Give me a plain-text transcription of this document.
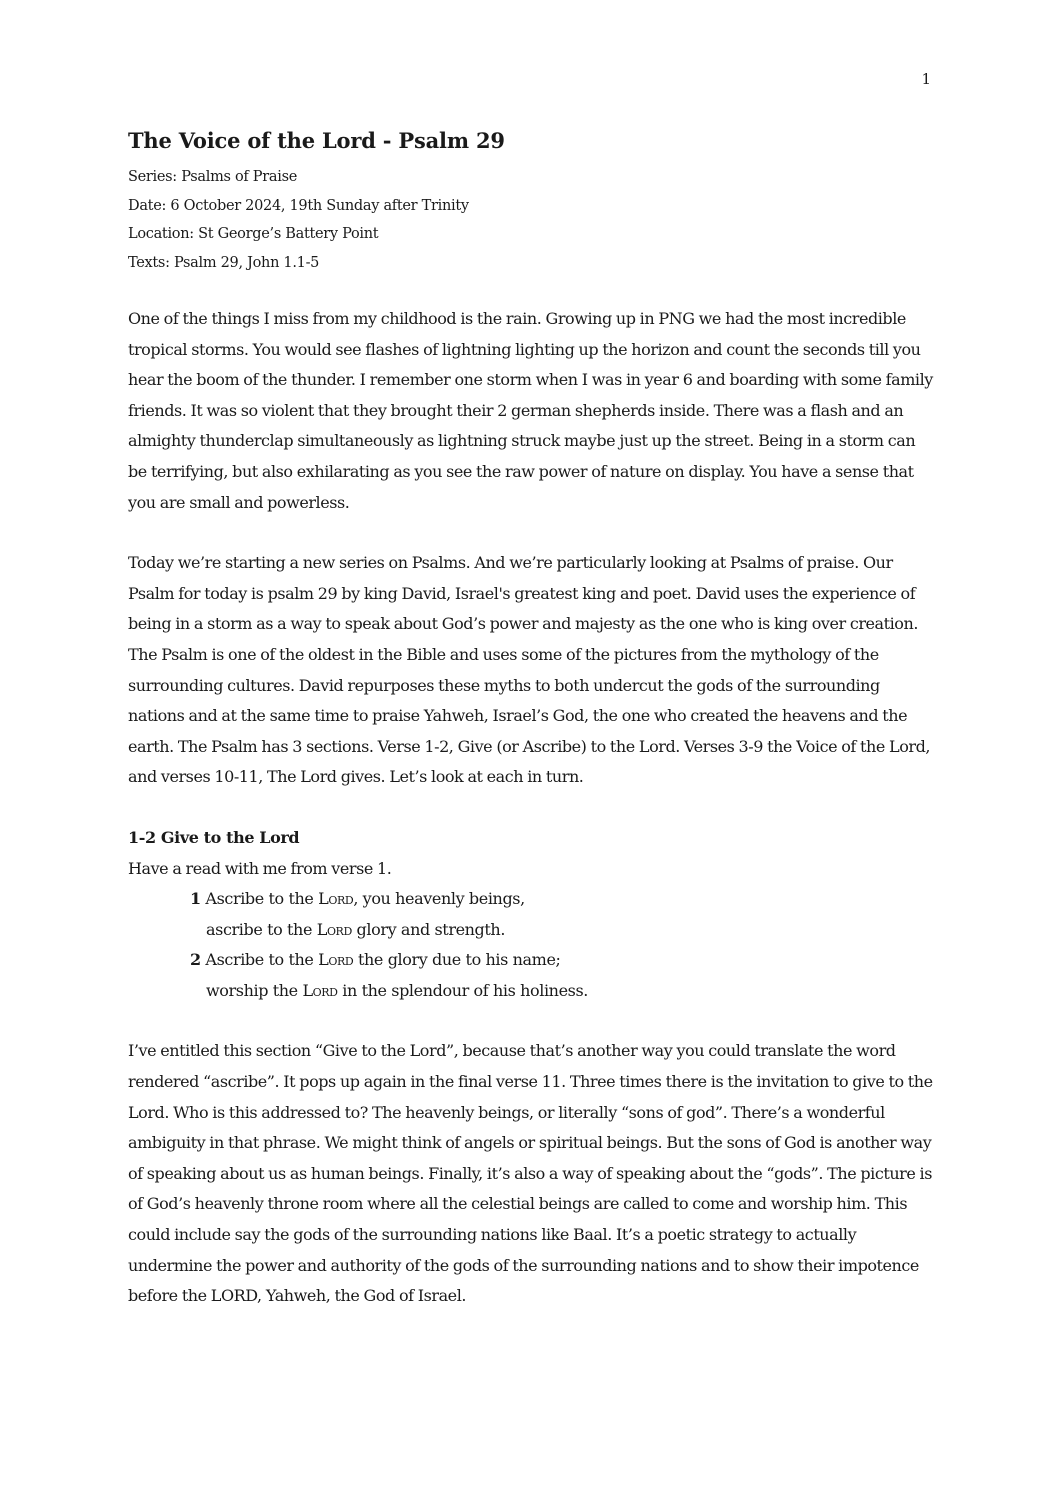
1
The Voice of the Lord - Psalm 29
Series: Psalms of Praise
Date: 6 October 2024, 19th Sunday after Trinity
Location: St George’s Battery Point
Texts: Psalm 29, John 1.1-5

One of the things I miss from my childhood is the rain. Growing up in PNG we had the most incredible tropical storms. You would see flashes of lightning lighting up the horizon and count the seconds till you hear the boom of the thunder. I remember one storm when I was in year 6 and boarding with some family friends. It was so violent that they brought their 2 german shepherds inside. There was a flash and an almighty thunderclap simultaneously as lightning struck maybe just up the street. Being in a storm can be terrifying, but also exhilarating as you see the raw power of nature on display. You have a sense that you are small and powerless.

Today we’re starting a new series on Psalms. And we’re particularly looking at Psalms of praise. Our Psalm for today is psalm 29 by king David, Israel's greatest king and poet. David uses the experience of being in a storm as a way to speak about God’s power and majesty as the one who is king over creation. The Psalm is one of the oldest in the Bible and uses some of the pictures from the mythology of the surrounding cultures. David repurposes these myths to both undercut the gods of the surrounding nations and at the same time to praise Yahweh, Israel’s God, the one who created the heavens and the earth. The Psalm has 3 sections. Verse 1-2, Give (or Ascribe) to the Lord. Verses 3-9 the Voice of the Lord, and verses 10-11, The Lord gives. Let’s look at each in turn.

1-2 Give to the Lord
Have a read with me from verse 1.
1 Ascribe to the Lord, you heavenly beings,
ascribe to the Lord glory and strength.
2 Ascribe to the Lord the glory due to his name;
worship the Lord in the splendour of his holiness.

I’ve entitled this section “Give to the Lord”, because that’s another way you could translate the word rendered “ascribe”. It pops up again in the final verse 11. Three times there is the invitation to give to the Lord. Who is this addressed to? The heavenly beings, or literally “sons of god”. There’s a wonderful ambiguity in that phrase. We might think of angels or spiritual beings. But the sons of God is another way of speaking about us as human beings. Finally, it’s also a way of speaking about the “gods”. The picture is of God’s heavenly throne room where all the celestial beings are called to come and worship him. This could include say the gods of the surrounding nations like Baal. It’s a poetic strategy to actually undermine the power and authority of the gods of the surrounding nations and to show their impotence before the LORD, Yahweh, the God of Israel.
